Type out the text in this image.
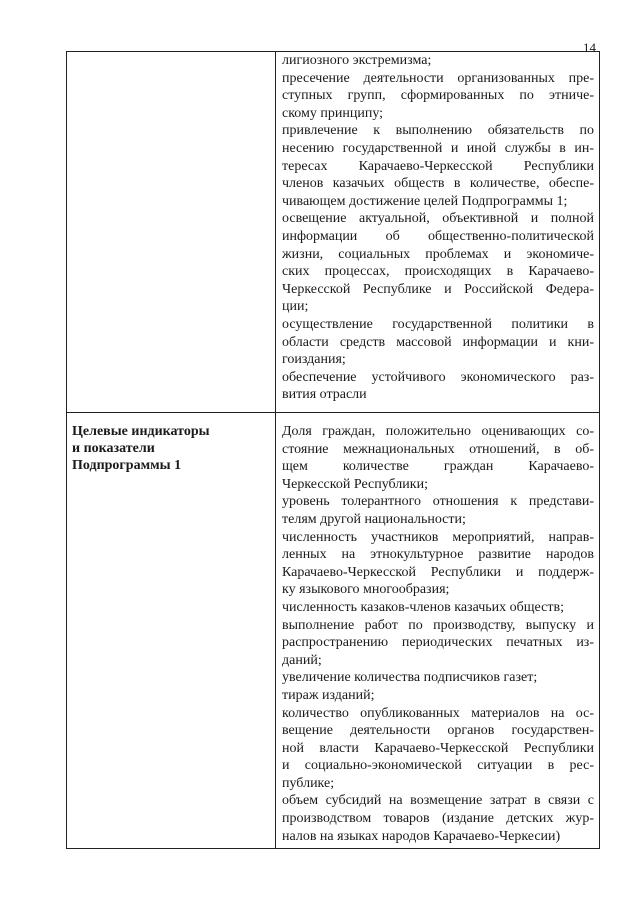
14
лигиозного экстремизма;
пресечение деятельности организованных пре-
ступных групп, сформированных по этниче-
скому принципу;
привлечение к выполнению обязательств по
несению государственной и иной службы в ин-
тересах Карачаево-Черкесской Республики
членов казачьих обществ в количестве, обеспе-
чивающем достижение целей Подпрограммы 1;
освещение актуальной, объективной и полной
информации об общественно-политической
жизни, социальных проблемах и экономиче-
ских процессах, происходящих в Карачаево-
Черкесской Республике и Российской Федера-
ции;
осуществление государственной политики в
области средств массовой информации и кни-
гоиздания;
обеспечение устойчивого экономического раз-
вития отрасли
Целевые индикаторы
и показатели
Подпрограммы 1
Доля граждан, положительно оценивающих со-
стояние межнациональных отношений, в об-
щем количестве граждан Карачаево-
Черкесской Республики;
уровень толерантного отношения к представи-
телям другой национальности;
численность участников мероприятий, направ-
ленных на этнокультурное развитие народов
Карачаево-Черкесской Республики и поддерж-
ку языкового многообразия;
численность казаков-членов казачьих обществ;
выполнение работ по производству, выпуску и
распространению периодических печатных из-
даний;
увеличение количества подписчиков газет;
тираж изданий;
количество опубликованных материалов на ос-
вещение деятельности органов государствен-
ной власти Карачаево-Черкесской Республики
и социально-экономической ситуации в рес-
публике;
объем субсидий на возмещение затрат в связи с
производством товаров (издание детских жур-
налов на языках народов Карачаево-Черкесии)
